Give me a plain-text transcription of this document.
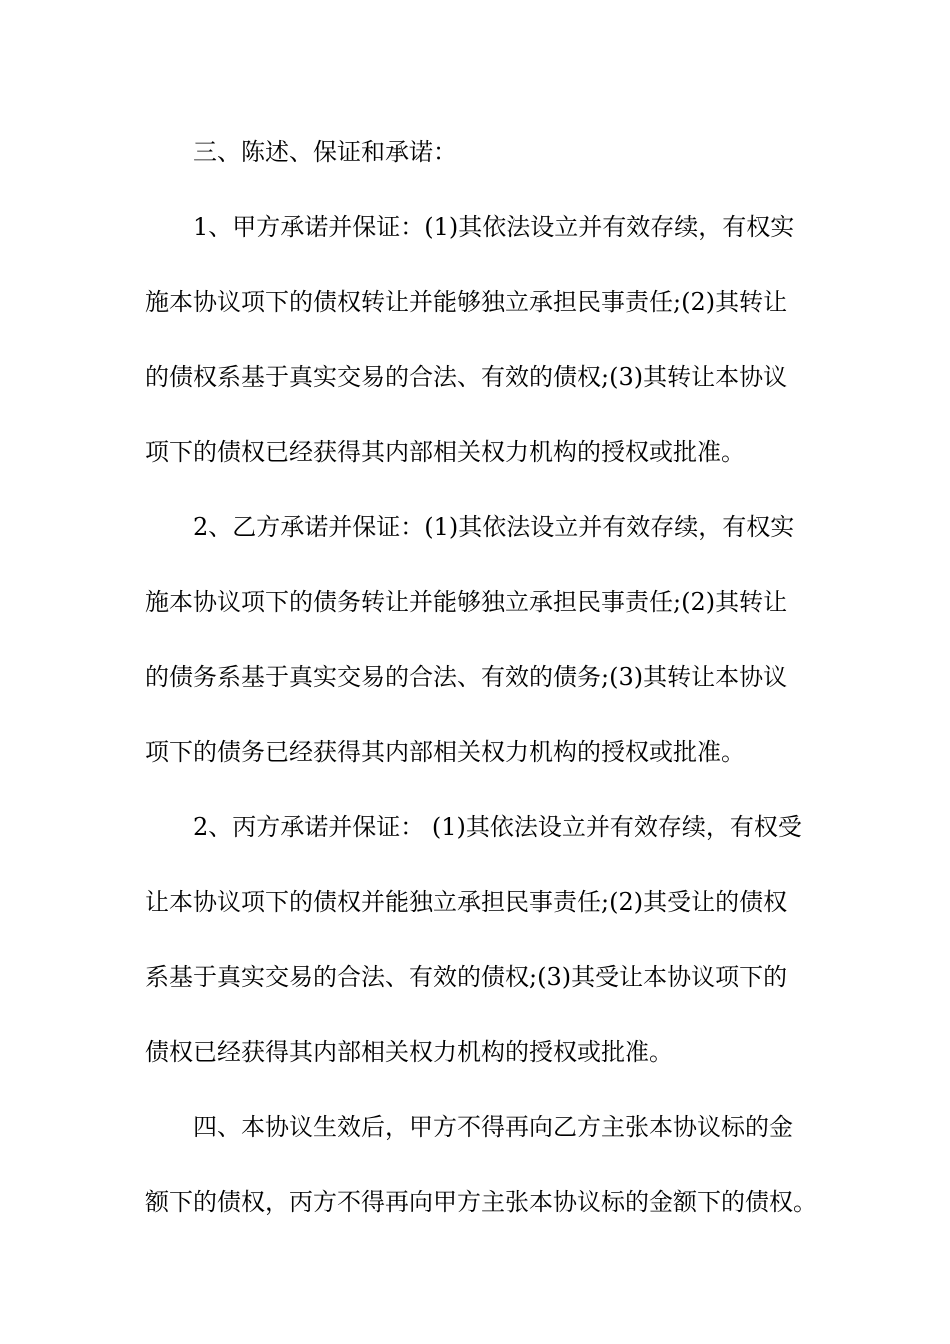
三、陈述、保证和承诺：

1、甲方承诺并保证：(1)其依法设立并有效存续，有权实

施本协议项下的债权转让并能够独立承担民事责任;(2)其转让

的债权系基于真实交易的合法、有效的债权;(3)其转让本协议

项下的债权已经获得其内部相关权力机构的授权或批准。

2、乙方承诺并保证：(1)其依法设立并有效存续，有权实

施本协议项下的债务转让并能够独立承担民事责任;(2)其转让

的债务系基于真实交易的合法、有效的债务;(3)其转让本协议

项下的债务已经获得其内部相关权力机构的授权或批准。

2、丙方承诺并保证： (1)其依法设立并有效存续，有权受

让本协议项下的债权并能独立承担民事责任;(2)其受让的债权

系基于真实交易的合法、有效的债权;(3)其受让本协议项下的

债权已经获得其内部相关权力机构的授权或批准。

四、本协议生效后，甲方不得再向乙方主张本协议标的金

额下的债权，丙方不得再向甲方主张本协议标的金额下的债权。
